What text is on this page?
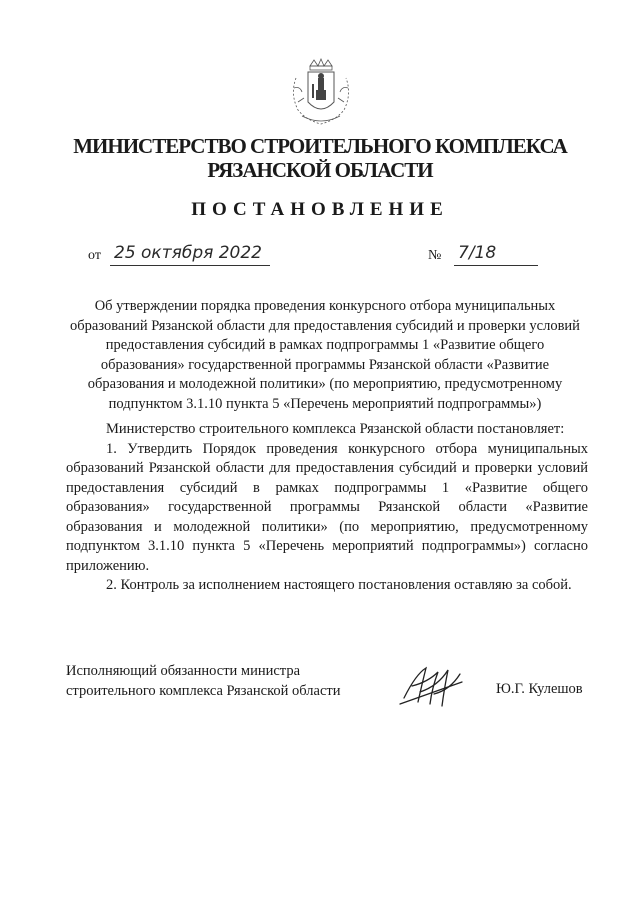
МИНИСТЕРСТВО СТРОИТЕЛЬНОГО КОМПЛЕКСА
РЯЗАНСКОЙ ОБЛАСТИ
ПОСТАНОВЛЕНИЕ
от 25 октября 2022	№ 7/18
Об утверждении порядка проведения конкурсного отбора муниципальных образований Рязанской области для предоставления субсидий и проверки условий предоставления субсидий в рамках подпрограммы 1 «Развитие общего образования» государственной программы Рязанской области «Развитие образования и молодежной политики» (по мероприятию, предусмотренному подпунктом 3.1.10 пункта 5 «Перечень мероприятий подпрограммы»)

Министерство строительного комплекса Рязанской области постановляет:

1. Утвердить Порядок проведения конкурсного отбора муниципальных образований Рязанской области для предоставления субсидий и проверки условий предоставления субсидий в рамках подпрограммы 1 «Развитие общего образования» государственной программы Рязанской области «Развитие образования и молодежной политики» (по мероприятию, предусмотренному подпунктом 3.1.10 пункта 5 «Перечень мероприятий подпрограммы») согласно приложению.

2. Контроль за исполнением настоящего постановления оставляю за собой.

Исполняющий обязанности министра
строительного комплекса Рязанской области	Ю.Г. Кулешов
